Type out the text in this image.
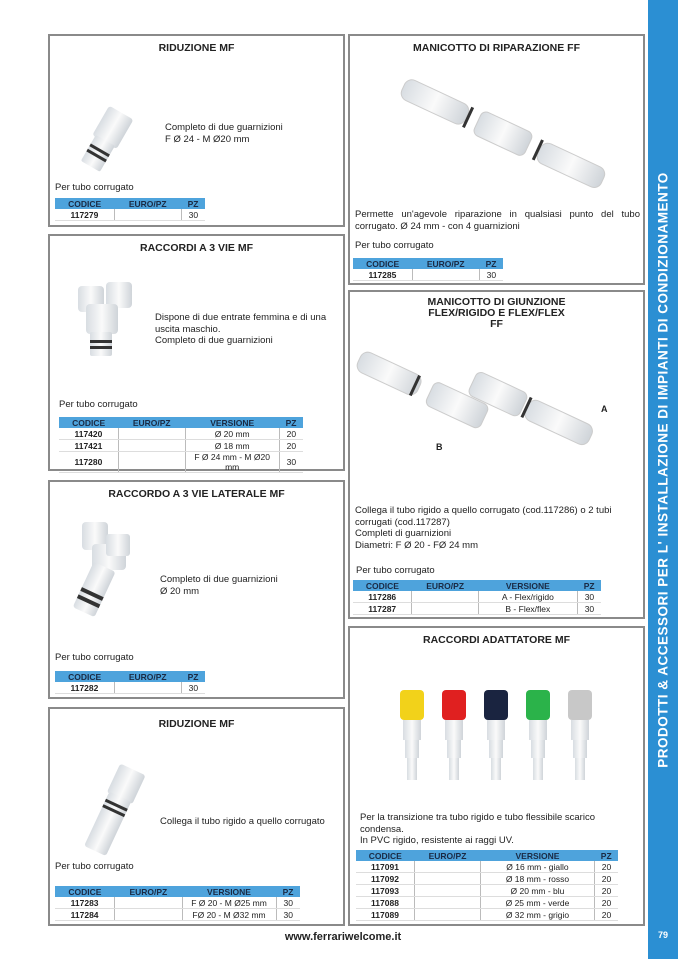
RIDUZIONE MF
Completo di due guarnizioni
F Ø 24 - M Ø20 mm
Per tubo corrugato
CODICE	EURO/PZ	PZ
117279		30
RACCORDI A 3 VIE MF
Dispone di due entrate femmina e di una uscita maschio.
Completo di due guarnizioni
Per tubo corrugato
CODICE	EURO/PZ	VERSIONE	PZ
117420		Ø 20 mm	20
117421		Ø 18 mm	20
117280		F Ø 24 mm - M Ø20 mm	30
RACCORDO A 3 VIE LATERALE MF
Completo di due guarnizioni
Ø 20 mm
Per tubo corrugato
CODICE	EURO/PZ	PZ
117282		30
RIDUZIONE MF
Collega il tubo rigido a quello corrugato
Per tubo corrugato
CODICE	EURO/PZ	VERSIONE	PZ
117283		F Ø 20 - M Ø25 mm	30
117284		FØ 20 - M Ø32 mm	30
MANICOTTO DI RIPARAZIONE FF
Permette un'agevole riparazione in qualsiasi punto del tubo corrugato. Ø 24 mm - con 4 guarnizioni
Per tubo corrugato
CODICE	EURO/PZ	PZ
117285		30
MANICOTTO DI GIUNZIONE
FLEX/RIGIDO E FLEX/FLEX
FF
A
B
Collega il tubo rigido a quello corrugato (cod.117286) o 2 tubi corrugati (cod.117287)
Completi di guarnizioni
Diametri: F Ø 20 - FØ 24 mm
Per tubo corrugato
CODICE	EURO/PZ	VERSIONE	PZ
117286		A - Flex/rigido	30
117287		B - Flex/flex	30
RACCORDI ADATTATORE MF
Per la transizione tra tubo rigido e tubo flessibile scarico condensa.
In PVC rigido, resistente ai raggi UV.
CODICE	EURO/PZ	VERSIONE	PZ
117091		Ø 16 mm - giallo	20
117092		Ø 18 mm - rosso	20
117093		Ø 20 mm - blu	20
117088		Ø 25 mm - verde	20
117089		Ø 32 mm - grigio	20
PRODOTTI & ACCESSORI PER L' INSTALLAZIONE DI IMPIANTI DI CONDIZIONAMENTO
79
www.ferrariwelcome.it
